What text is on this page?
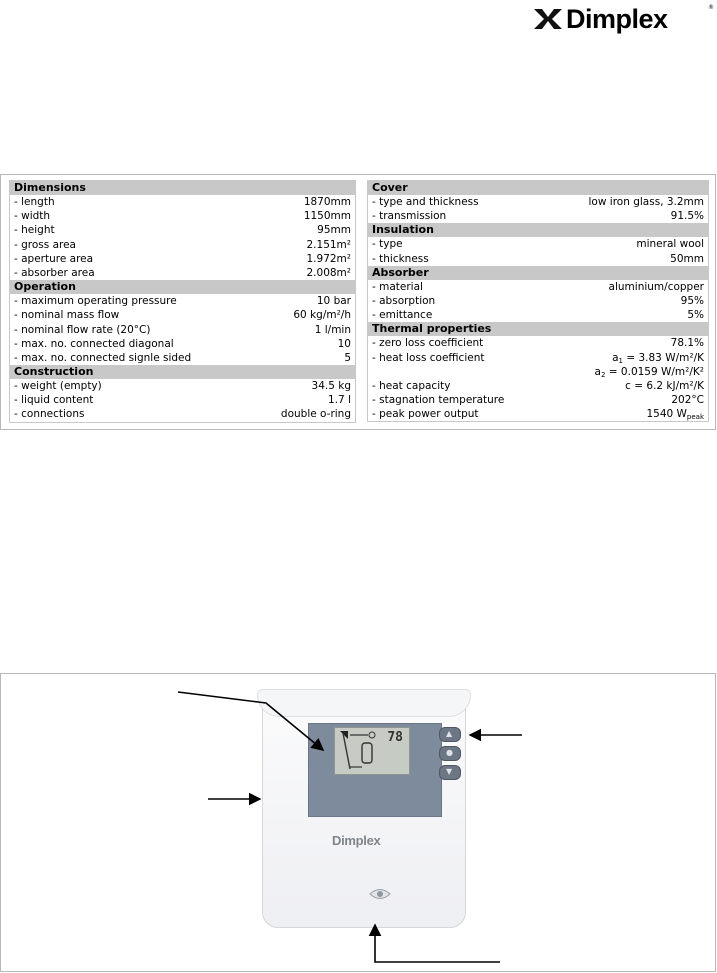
Dimplex	®
Dimensions
- length	1870mm
- width	1150mm
- height	95mm
- gross area	2.151m²
- aperture area	1.972m²
- absorber area	2.008m²
Operation
- maximum operating pressure	10 bar
- nominal mass flow	60 kg/m²/h
- nominal flow rate (20°C)	1 l/min
- max. no. connected diagonal	10
- max. no. connected signle sided	5
Construction
- weight (empty)	34.5 kg
- liquid content	1.7 l
- connections	double o-ring
Cover
- type and thickness	low iron glass, 3.2mm
- transmission	91.5%
Insulation
- type	mineral wool
- thickness	50mm
Absorber
- material	aluminium/copper
- absorption	95%
- emittance	5%
Thermal properties
- zero loss coefficient	78.1%
- heat loss coefficient	$a_1 = 3.83$ W/m²/K
$a_2 = 0.0159$ W/m²/K²
- heat capacity	c = 6.2 kJ/m²/K
- stagnation temperature	202°C
- peak power output	1540 $W_{peak}$
78	▲
●
▼
Dimplex
